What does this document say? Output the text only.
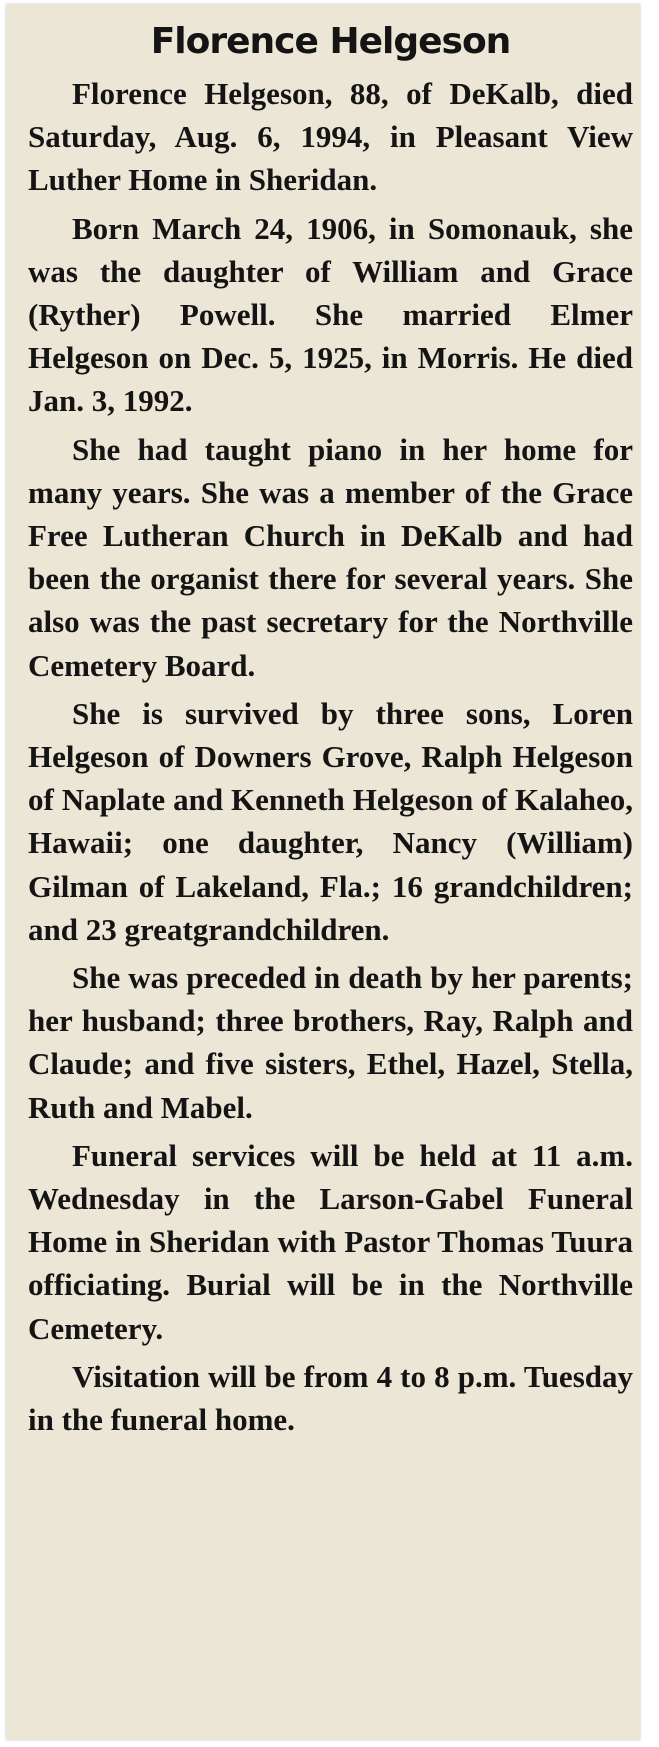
Florence Helgeson

Florence Helgeson, 88, of DeKalb, died Saturday, Aug. 6, 1994, in Pleasant View Luther Home in Sheridan.

Born March 24, 1906, in Somonauk, she was the daughter of William and Grace (Ryther) Powell. She married Elmer Helgeson on Dec. 5, 1925, in Morris. He died Jan. 3, 1992.

She had taught piano in her home for many years. She was a member of the Grace Free Lutheran Church in DeKalb and had been the organist there for several years. She also was the past secretary for the Northville Cemetery Board.

She is survived by three sons, Loren Helgeson of Downers Grove, Ralph Helgeson of Naplate and Kenneth Helgeson of Kalaheo, Hawaii; one daughter, Nancy (William) Gilman of Lakeland, Fla.; 16 grandchildren; and 23 greatgrandchildren.

She was preceded in death by her parents; her husband; three brothers, Ray, Ralph and Claude; and five sisters, Ethel, Hazel, Stella, Ruth and Mabel.

Funeral services will be held at 11 a.m. Wednesday in the Larson-Gabel Funeral Home in Sheridan with Pastor Thomas Tuura officiating. Burial will be in the Northville Cemetery.

Visitation will be from 4 to 8 p.m. Tuesday in the funeral home.
